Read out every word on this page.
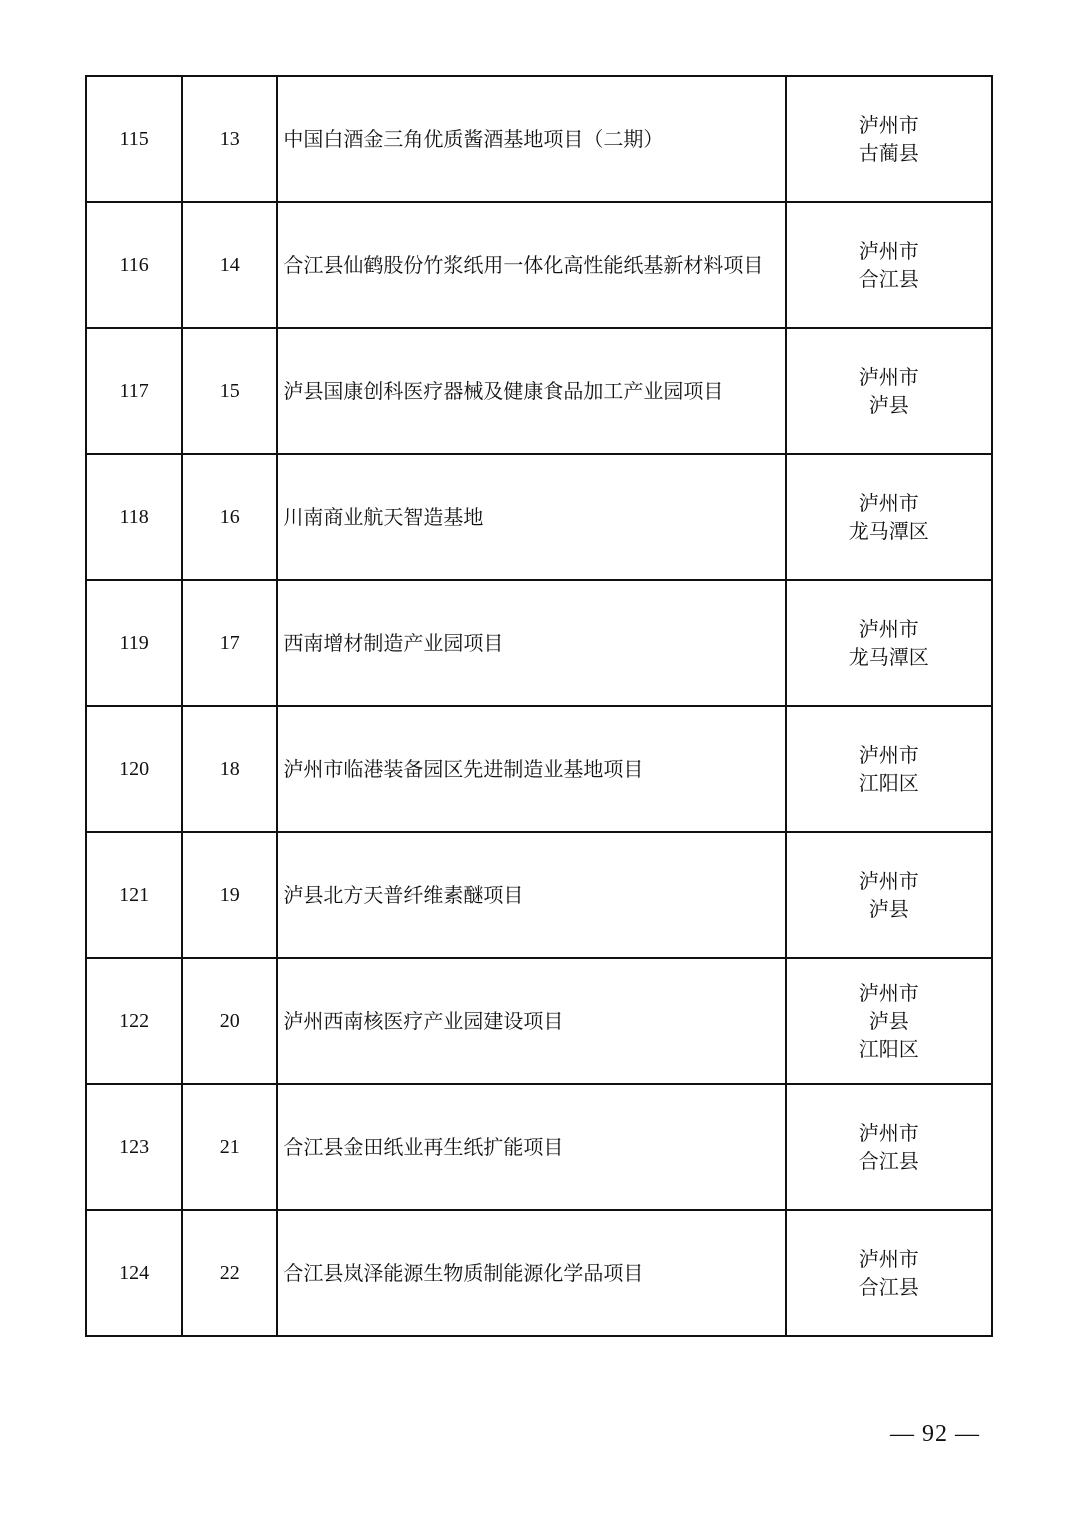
115	13	中国白酒金三角优质酱酒基地项目（二期）	泸州市
古蔺县

116	14	合江县仙鹤股份竹浆纸用一体化高性能纸基新材料项目	泸州市
合江县

117	15	泸县国康创科医疗器械及健康食品加工产业园项目	泸州市
泸县

118	16	川南商业航天智造基地	泸州市
龙马潭区

119	17	西南增材制造产业园项目	泸州市
龙马潭区

120	18	泸州市临港装备园区先进制造业基地项目	泸州市
江阳区

121	19	泸县北方天普纤维素醚项目	泸州市
泸县

122	20	泸州西南核医疗产业园建设项目	泸州市
泸县
江阳区

123	21	合江县金田纸业再生纸扩能项目	泸州市
合江县

124	22	合江县岚泽能源生物质制能源化学品项目	泸州市
合江县
— 92 —
